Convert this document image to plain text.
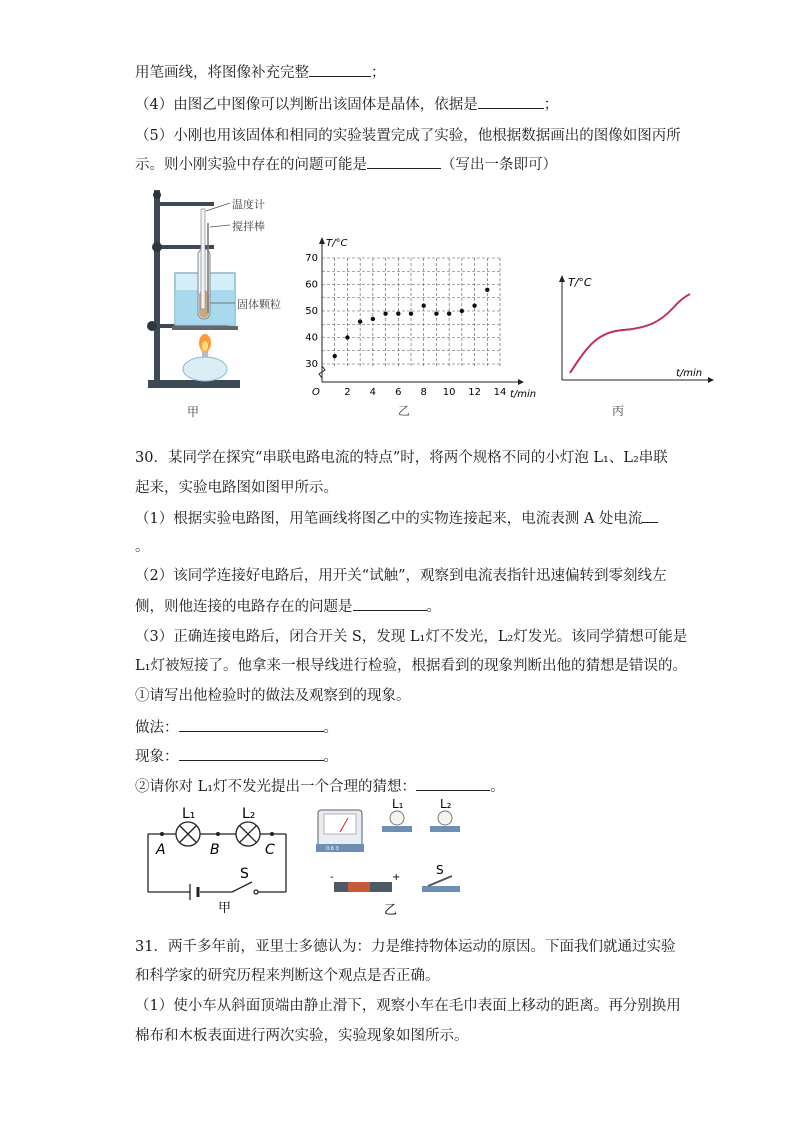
用笔画线，将图像补充完整	；
（4）由图乙中图像可以判断出该固体是晶体，依据是	；
（5）小刚也用该固体和相同的实验装置完成了实验，他根据数据画出的图像如图丙所
示。则小刚实验中存在的问题可能是	（写出一条即可）
温度计
搅拌棒
固体颗粒
甲
2 4 6 8 10 12 14
30
40
50
60
70
O
T/°C
t/min
乙
T/°C
t/min
丙
30．某同学在探究“串联电路电流的特点”时，将两个规格不同的小灯泡 L₁、L₂串联
起来，实验电路图如图甲所示。
（1）根据实验电路图，用笔画线将图乙中的实物连接起来，电流表测 A 处电流
。
（2）该同学连接好电路后，用开关“试触”，观察到电流表指针迅速偏转到零刻线左
侧，则他连接的电路存在的问题是	。
（3）正确连接电路后，闭合开关 S，发现 L₁灯不发光，L₂灯发光。该同学猜想可能是
L₁灯被短接了。他拿来一根导线进行检验，根据看到的现象判断出他的猜想是错误的。
①请写出他检验时的做法及观察到的现象。
做法：	。
现象：	。
②请你对 L₁灯不发光提出一个合理的猜想：	。
L₁	L₂
A	B	C
S
甲
0.6 3
L₁	L₂
-	+
S
乙
31．两千多年前，亚里士多德认为：力是维持物体运动的原因。下面我们就通过实验
和科学家的研究历程来判断这个观点是否正确。
（1）使小车从斜面顶端由静止滑下，观察小车在毛巾表面上移动的距离。再分别换用
棉布和木板表面进行两次实验，实验现象如图所示。
